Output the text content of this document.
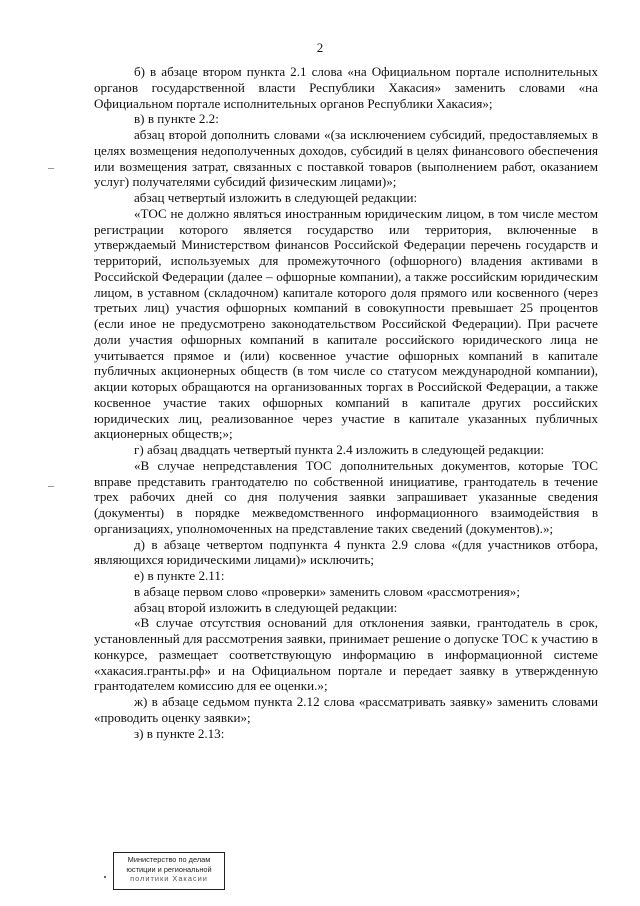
2

б) в абзаце втором пункта 2.1 слова «на Официальном портале исполнительных органов государственной власти Республики Хакасия» заменить словами «на Официальном портале исполнительных органов Республики Хакасия»;

в) в пункте 2.2:

абзац второй дополнить словами «(за исключением субсидий, предоставляемых в целях возмещения недополученных доходов, субсидий в целях финансового обеспечения или возмещения затрат, связанных с поставкой товаров (выполнением работ, оказанием услуг) получателями субсидий физическим лицами)»;

абзац четвертый изложить в следующей редакции:

«ТОС не должно являться иностранным юридическим лицом, в том числе местом регистрации которого является государство или территория, включенные в утверждаемый Министерством финансов Российской Федерации перечень государств и территорий, используемых для промежуточного (офшорного) владения активами в Российской Федерации (далее – офшорные компании), а также российским юридическим лицом, в уставном (складочном) капитале которого доля прямого или косвенного (через третьих лиц) участия офшорных компаний в совокупности превышает 25 процентов (если иное не предусмотрено законодательством Российской Федерации). При расчете доли участия офшорных компаний в капитале российского юридического лица не учитывается прямое и (или) косвенное участие офшорных компаний в капитале публичных акционерных обществ (в том числе со статусом международной компании), акции которых обращаются на организованных торгах в Российской Федерации, а также косвенное участие таких офшорных компаний в капитале других российских юридических лиц, реализованное через участие в капитале указанных публичных акционерных обществ;»;

г) абзац двадцать четвертый пункта 2.4 изложить в следующей редакции:

«В случае непредставления ТОС дополнительных документов, которые ТОС вправе представить грантодателю по собственной инициативе, грантодатель в течение трех рабочих дней со дня получения заявки запрашивает указанные сведения (документы) в порядке межведомственного информационного взаимодействия в организациях, уполномоченных на представление таких сведений (документов).»;

д) в абзаце четвертом подпункта 4 пункта 2.9 слова «(для участников отбора, являющихся юридическими лицами)» исключить;

е) в пункте 2.11:

в абзаце первом слово «проверки» заменить словом «рассмотрения»;

абзац второй изложить в следующей редакции:

«В случае отсутствия оснований для отклонения заявки, грантодатель в срок, установленный для рассмотрения заявки, принимает решение о допуске ТОС к участию в конкурсе, размещает соответствующую информацию в информационной системе «хакасия.гранты.рф» и на Официальном портале и передает заявку в утвержденную грантодателем комиссию для ее оценки.»;

ж) в абзаце седьмом пункта 2.12 слова «рассматривать заявку» заменить словами «проводить оценку заявки»;

з) в пункте 2.13:

Министерство по делам
юстиции и региональной
политики Хакасии
